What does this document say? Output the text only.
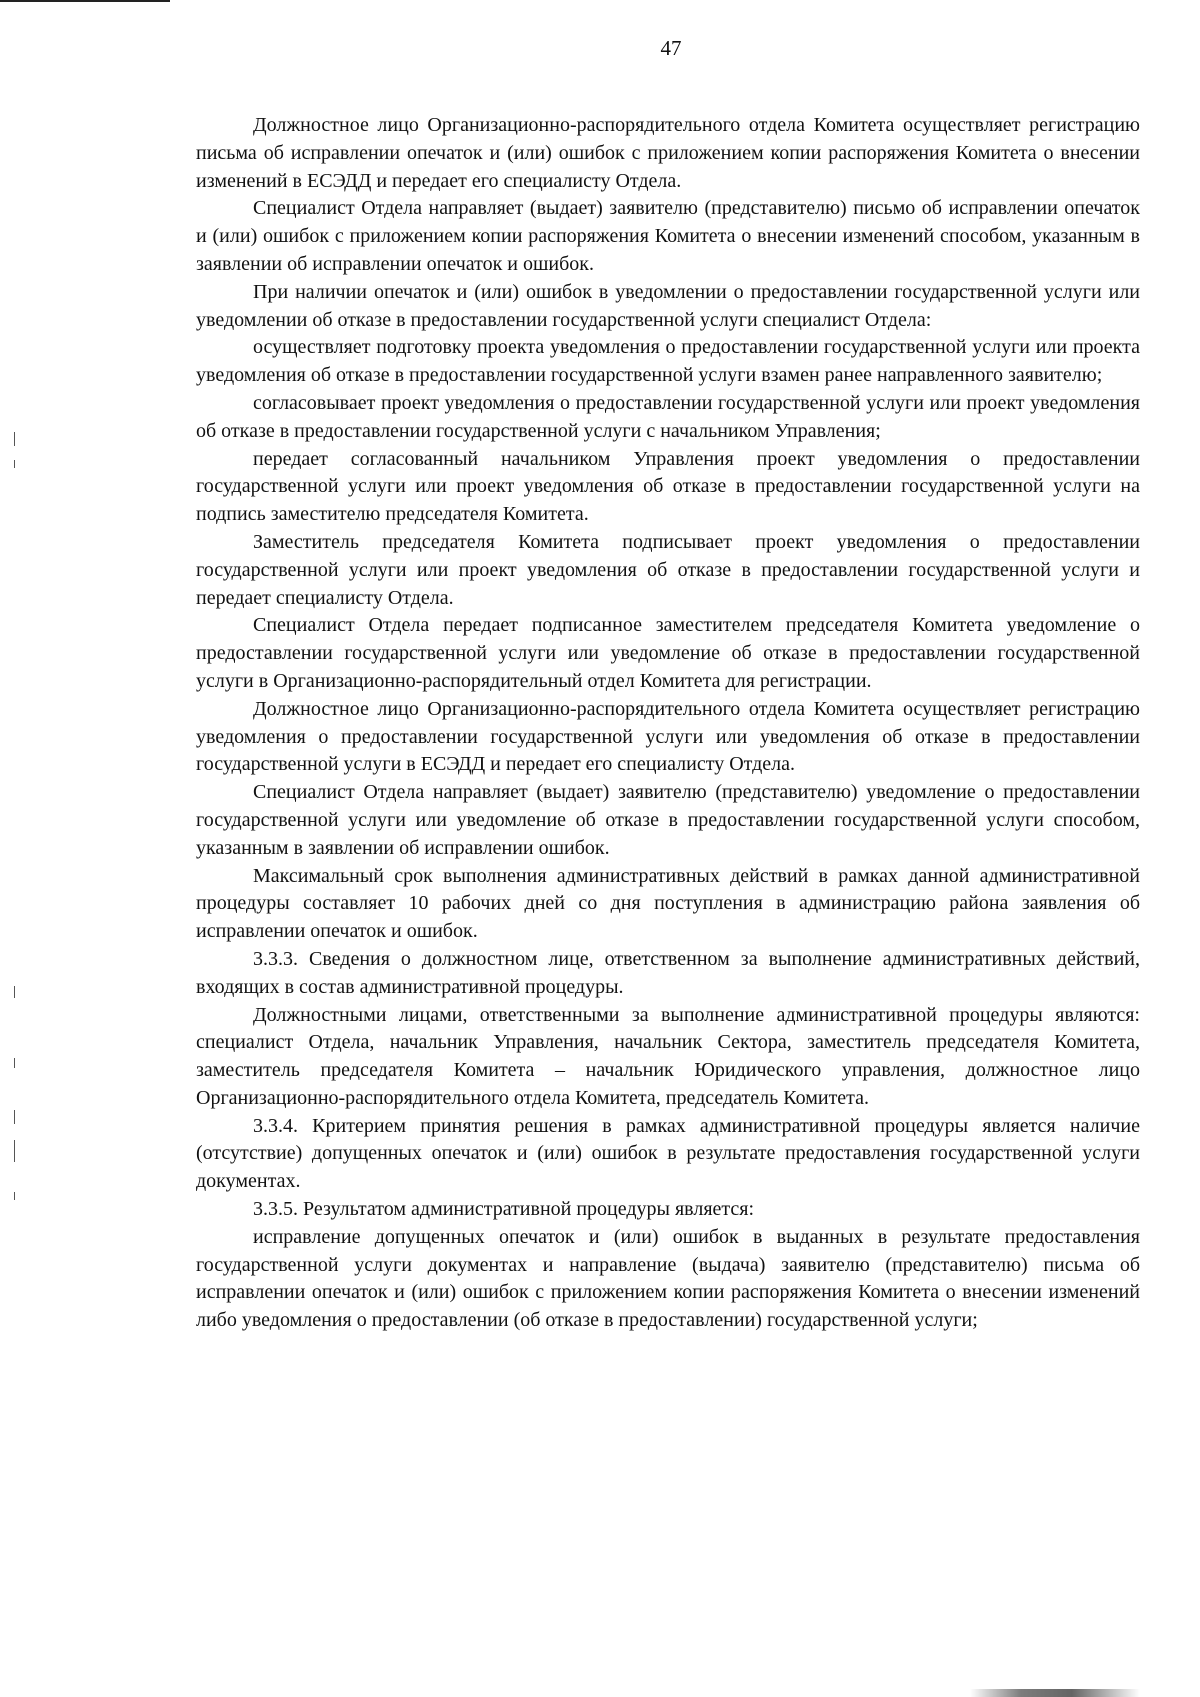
47

Должностное лицо Организационно-распорядительного отдела Комитета осуществляет регистрацию письма об исправлении опечаток и (или) ошибок с приложением копии распоряжения Комитета о внесении изменений в ЕСЭДД и передает его специалисту Отдела.

Специалист Отдела направляет (выдает) заявителю (представителю) письмо об исправлении опечаток и (или) ошибок с приложением копии распоряжения Комитета о внесении изменений способом, указанным в заявлении об исправлении опечаток и ошибок.

При наличии опечаток и (или) ошибок в уведомлении о предоставлении государственной услуги или уведомлении об отказе в предоставлении государственной услуги специалист Отдела:

осуществляет подготовку проекта уведомления о предоставлении государственной услуги или проекта уведомления об отказе в предоставлении государственной услуги взамен ранее направленного заявителю;

согласовывает проект уведомления о предоставлении государственной услуги или проект уведомления об отказе в предоставлении государственной услуги с начальником Управления;

передает согласованный начальником Управления проект уведомления о предоставлении государственной услуги или проект уведомления об отказе в предоставлении государственной услуги на подпись заместителю председателя Комитета.

Заместитель председателя Комитета подписывает проект уведомления о предоставлении государственной услуги или проект уведомления об отказе в предоставлении государственной услуги и передает специалисту Отдела.

Специалист Отдела передает подписанное заместителем председателя Комитета уведомление о предоставлении государственной услуги или уведомление об отказе в предоставлении государственной услуги в Организационно-распорядительный отдел Комитета для регистрации.

Должностное лицо Организационно-распорядительного отдела Комитета осуществляет регистрацию уведомления о предоставлении государственной услуги или уведомления об отказе в предоставлении государственной услуги в ЕСЭДД и передает его специалисту Отдела.

Специалист Отдела направляет (выдает) заявителю (представителю) уведомление о предоставлении государственной услуги или уведомление об отказе в предоставлении государственной услуги способом, указанным в заявлении об исправлении ошибок.

Максимальный срок выполнения административных действий в рамках данной административной процедуры составляет 10 рабочих дней со дня поступления в администрацию района заявления об исправлении опечаток и ошибок.

3.3.3. Сведения о должностном лице, ответственном за выполнение административных действий, входящих в состав административной процедуры.

Должностными лицами, ответственными за выполнение административной процедуры являются: специалист Отдела, начальник Управления, начальник Сектора, заместитель председателя Комитета, заместитель председателя Комитета – начальник Юридического управления, должностное лицо Организационно-распорядительного отдела Комитета, председатель Комитета.

3.3.4. Критерием принятия решения в рамках административной процедуры является наличие (отсутствие) допущенных опечаток и (или) ошибок в результате предоставления государственной услуги документах.

3.3.5. Результатом административной процедуры является:

исправление допущенных опечаток и (или) ошибок в выданных в результате предоставления государственной услуги документах и направление (выдача) заявителю (представителю) письма об исправлении опечаток и (или) ошибок с приложением копии распоряжения Комитета о внесении изменений либо уведомления о предоставлении (об отказе в предоставлении) государственной услуги;
